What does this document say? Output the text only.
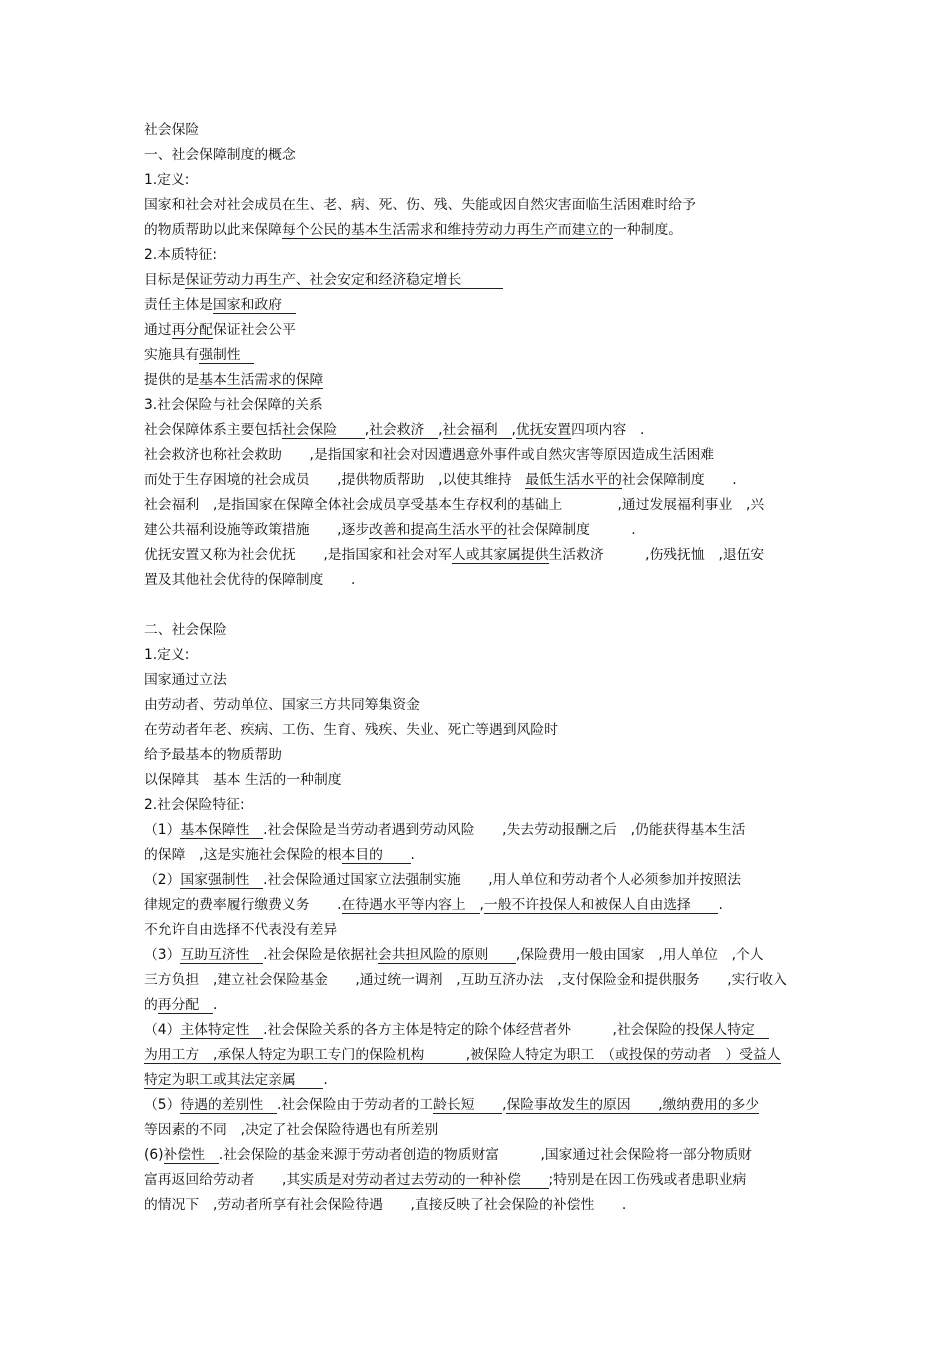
社会保险
一、社会保障制度的概念
1.定义:
国家和社会对社会成员在生、老、病、死、伤、残、失能或因自然灾害面临生活困难时给予
的物质帮助以此来保障每个公民的基本生活需求和维持劳动力再生产而建立的一种制度。
2.本质特征:
目标是保证劳动力再生产、社会安定和经济稳定增长　　　
责任主体是国家和政府　
通过再分配保证社会公平
实施具有强制性　
提供的是基本生活需求的保障
3.社会保险与社会保障的关系
社会保障体系主要包括社会保险　　,社会救济　,社会福利　,优抚安置四项内容　.
社会救济也称社会救助　　,是指国家和社会对因遭遇意外事件或自然灾害等原因造成生活困难
而处于生存困境的社会成员　　,提供物质帮助　,以使其维持　最低生活水平的社会保障制度　　.
社会福利　,是指国家在保障全体社会成员享受基本生存权利的基础上　　　　,通过发展福利事业　,兴
建公共福利设施等政策措施　　,逐步改善和提高生活水平的社会保障制度　　　.
优抚安置又称为社会优抚　　,是指国家和社会对军人或其家属提供生活救济　　　,伤残抚恤　,退伍安
置及其他社会优待的保障制度　　.
二、社会保险
1.定义:
国家通过立法
由劳动者、劳动单位、国家三方共同筹集资金
在劳动者年老、疾病、工伤、生育、残疾、失业、死亡等遇到风险时
给予最基本的物质帮助
以保障其　基本 生活的一种制度
2.社会保险特征:
（1）基本保障性　.社会保险是当劳动者遇到劳动风险　　,失去劳动报酬之后　,仍能获得基本生活
的保障　,这是实施社会保险的根本目的　　.
（2）国家强制性　.社会保险通过国家立法强制实施　　,用人单位和劳动者个人必须参加并按照法
律规定的费率履行缴费义务　　.在待遇水平等内容上　,一般不许投保人和被保人自由选择　　.
不允许自由选择不代表没有差异
（3）互助互济性　.社会保险是依据社会共担风险的原则　　,保险费用一般由国家　,用人单位　,个人
三方负担　,建立社会保险基金　　,通过统一调剂　,互助互济办法　,支付保险金和提供服务　　,实行收入
的再分配　.
（4）主体特定性　.社会保险关系的各方主体是特定的除个体经营者外　　　,社会保险的投保人特定　
为用工方　,承保人特定为职工专门的保险机构　　　,被保险人特定为职工　（或投保的劳动者　）受益人
特定为职工或其法定亲属　　.
（5）待遇的差别性　.社会保险由于劳动者的工龄长短　　,保险事故发生的原因　　,缴纳费用的多少
等因素的不同　,决定了社会保险待遇也有所差别
(6)补偿性　.社会保险的基金来源于劳动者创造的物质财富　　　,国家通过社会保险将一部分物质财
富再返回给劳动者　　,其实质是对劳动者过去劳动的一种补偿　　;特别是在因工伤残或者患职业病
的情况下　,劳动者所享有社会保险待遇　　,直接反映了社会保险的补偿性　　.
